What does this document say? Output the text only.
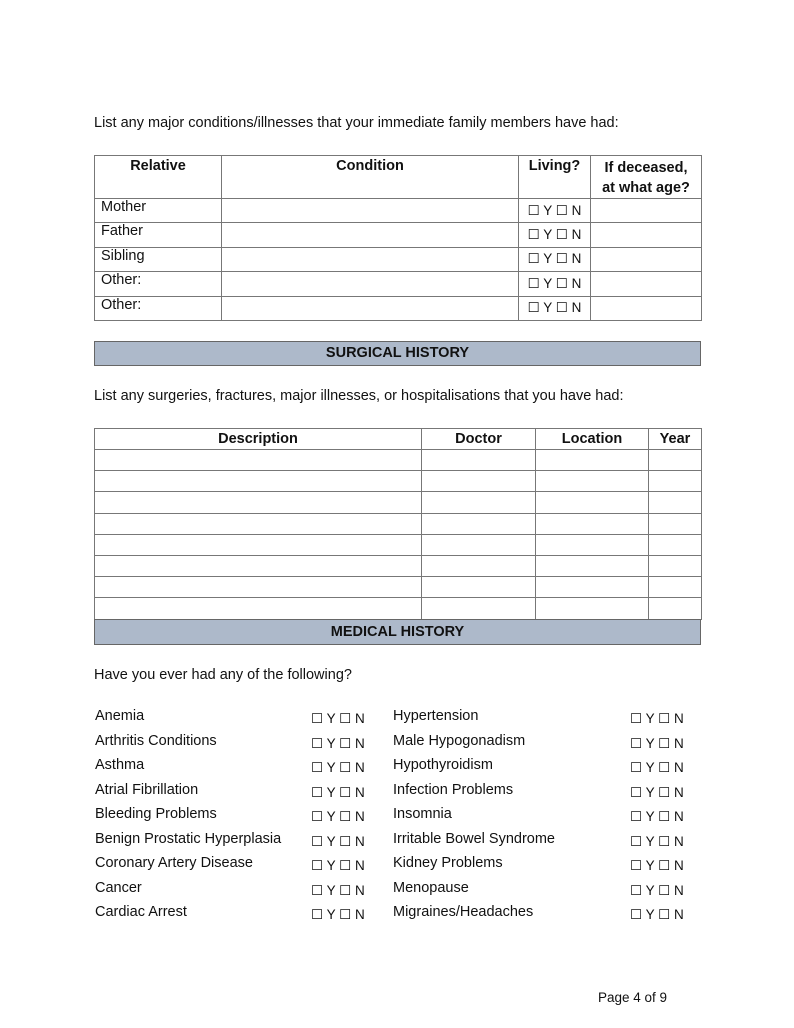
List any major conditions/illnesses that your immediate family members have had:
Relative	Condition	Living?	If deceased,
at what age?
Mother		☐ Y ☐ N	
Father		☐ Y ☐ N	
Sibling		☐ Y ☐ N	
Other:		☐ Y ☐ N	
Other:		☐ Y ☐ N	
SURGICAL HISTORY
List any surgeries, fractures, major illnesses, or hospitalisations that you have had:
Description	Doctor	Location	Year

MEDICAL HISTORY
Have you ever had any of the following?
Anemia	☐ Y ☐ N
Arthritis Conditions	☐ Y ☐ N
Asthma	☐ Y ☐ N
Atrial Fibrillation	☐ Y ☐ N
Bleeding Problems	☐ Y ☐ N
Benign Prostatic Hyperplasia ☐ Y ☐ N
Coronary Artery Disease	☐ Y ☐ N
Cancer	☐ Y ☐ N
Cardiac Arrest	☐ Y ☐ N
Hypertension	☐ Y ☐ N
Male Hypogonadism	☐ Y ☐ N
Hypothyroidism	☐ Y ☐ N
Infection Problems	☐ Y ☐ N
Insomnia	☐ Y ☐ N
Irritable Bowel Syndrome	☐ Y ☐ N
Kidney Problems	☐ Y ☐ N
Menopause	☐ Y ☐ N
Migraines/Headaches	☐ Y ☐ N
Page 4 of 9
